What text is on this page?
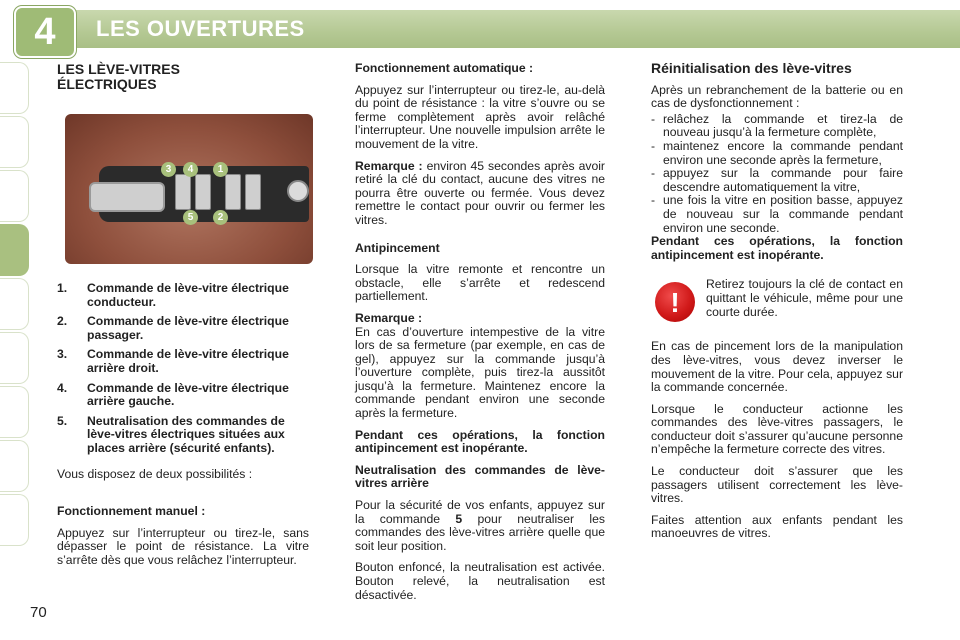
4 LES OUVERTURES
LES LÈVE-VITRES
ÉLECTRIQUES
3	4	1
5	2
1. Commande de lève-vitre électrique conducteur.
2. Commande de lève-vitre électrique passager.
3. Commande de lève-vitre électrique arrière droit.
4. Commande de lève-vitre électrique arrière gauche.
5. Neutralisation des commandes de lève-vitres électriques situées aux places arrière (sécurité enfants).

Vous disposez de deux possibilités :

Fonctionnement manuel :

Appuyez sur l’interrupteur ou tirez-le, sans dépasser le point de résistance. La vitre s’arrête dès que vous relâchez l’interrupteur.

Fonctionnement automatique :

Appuyez sur l’interrupteur ou tirez-le, au-delà du point de résistance : la vitre s’ouvre ou se ferme complètement après avoir relâché l’interrupteur. Une nouvelle impulsion arrête le mouvement de la vitre.

Remarque : environ 45 secondes après avoir retiré la clé du contact, aucune des vitres ne pourra être ouverte ou fermée. Vous devez remettre le contact pour ouvrir ou fermer les vitres.

Antipincement

Lorsque la vitre remonte et rencontre un obstacle, elle s’arrête et redescend partiellement.

Remarque :

En cas d’ouverture intempestive de la vitre lors de sa fermeture (par exemple, en cas de gel), appuyez sur la commande jusqu’à l’ouverture complète, puis tirez-la aussitôt jusqu’à la fermeture. Maintenez encore la commande pendant environ une seconde après la fermeture.

Pendant ces opérations, la fonction antipincement est inopérante.

Neutralisation des commandes de lève-vitres arrière

Pour la sécurité de vos enfants, appuyez sur la commande 5 pour neutraliser les commandes des lève-vitres arrière quelle que soit leur position.

Bouton enfoncé, la neutralisation est activée. Bouton relevé, la neutralisation est désactivée.

Réinitialisation des lève-vitres

Après un rebranchement de la batterie ou en cas de dysfonctionnement :

- relâchez la commande et tirez-la de nouveau jusqu’à la fermeture complète,
- maintenez encore la commande pendant environ une seconde après la fermeture,
- appuyez sur la commande pour faire descendre automatiquement la vitre,
- une fois la vitre en position basse, appuyez de nouveau sur la commande pendant environ une seconde.

Pendant ces opérations, la fonction antipincement est inopérante.

!

Retirez toujours la clé de contact en quittant le véhicule, même pour une courte durée.

En cas de pincement lors de la manipulation des lève-vitres, vous devez inverser le mouvement de la vitre. Pour cela, appuyez sur la commande concernée.

Lorsque le conducteur actionne les commandes des lève-vitres passagers, le conducteur doit s’assurer qu’aucune personne n’empêche la fermeture correcte des vitres.

Le conducteur doit s’assurer que les passagers utilisent correctement les lève-vitres.

Faites attention aux enfants pendant les manoeuvres de vitres.

70
